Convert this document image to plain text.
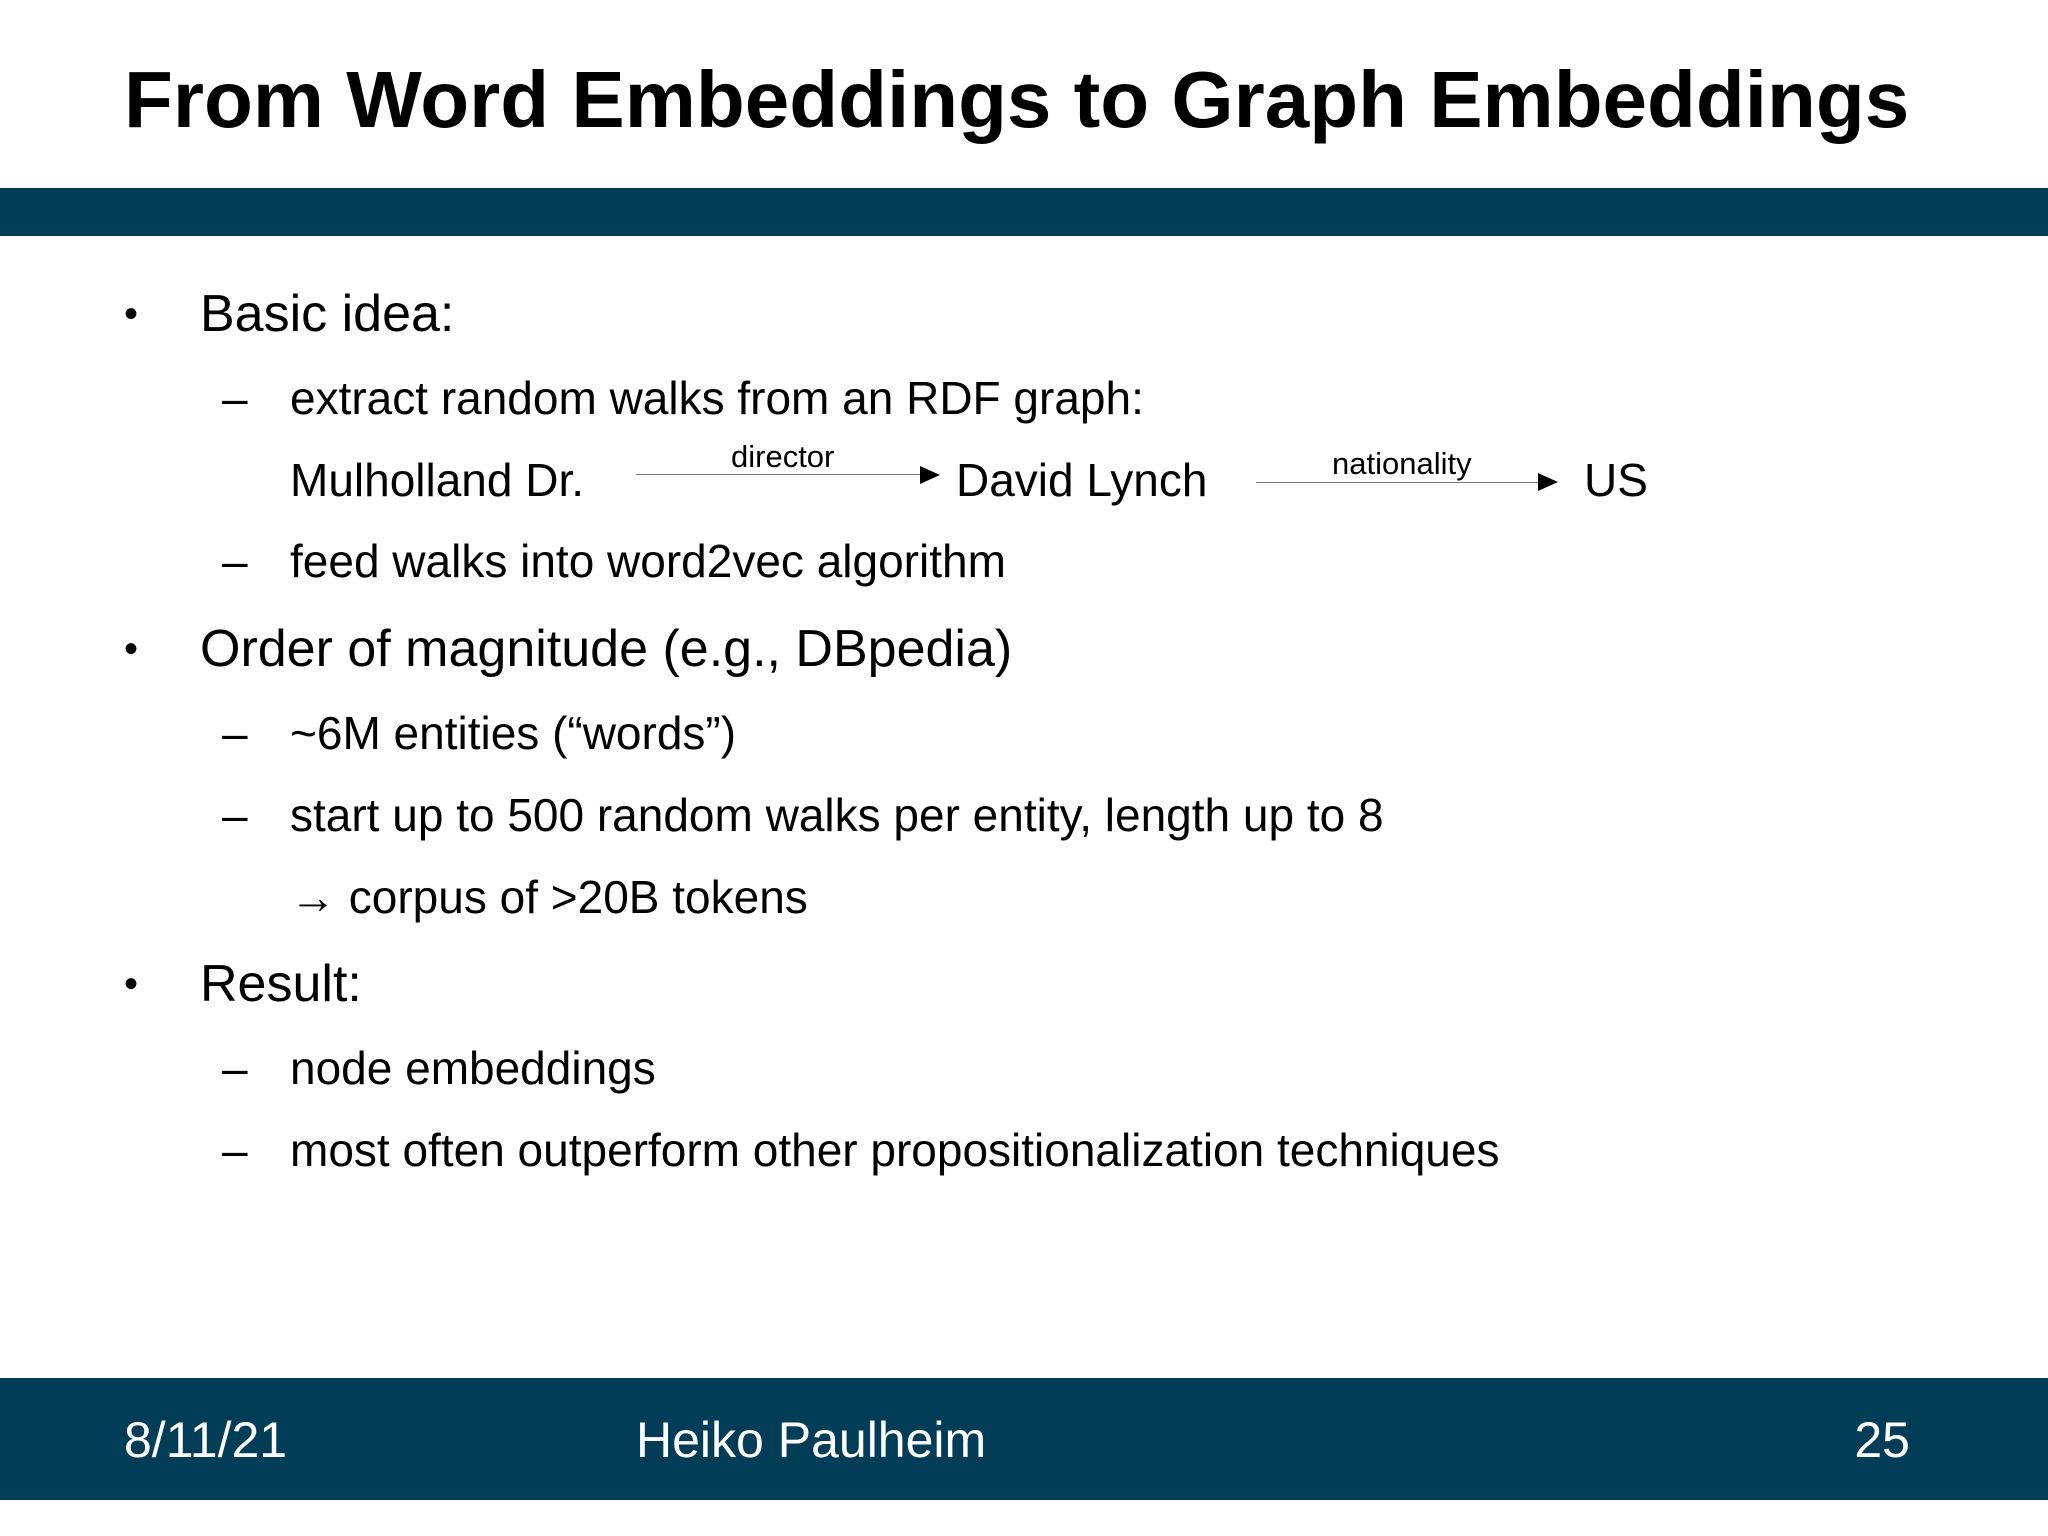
From Word Embeddings to Graph Embeddings
• Basic idea:
– extract random walks from an RDF graph:
Mulholland Dr.	director	David Lynch	nationality US
– feed walks into word2vec algorithm
• Order of magnitude (e.g., DBpedia)
– ~6M entities (“words”)
– start up to 500 random walks per entity, length up to 8
→ corpus of >20B tokens
• Result:
– node embeddings
– most often outperform other propositionalization techniques
8/11/21	Heiko Paulheim	25
